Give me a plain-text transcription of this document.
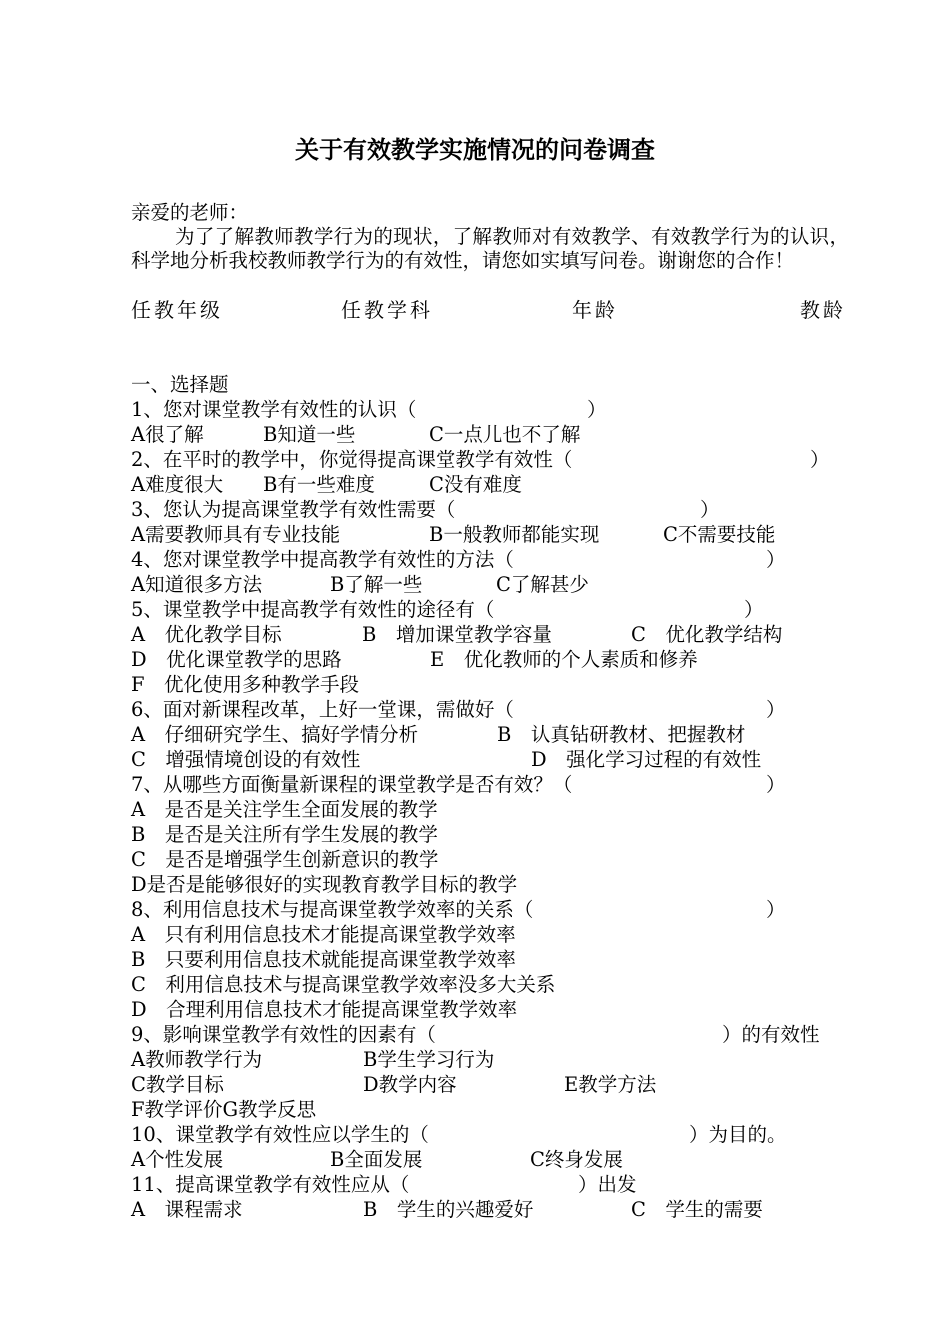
关于有效教学实施情况的问卷调查
亲爱的老师：
为了了解教师教学行为的现状，了解教师对有效教学、有效教学行为的认识，科学地分析我校教师教学行为的有效性，请您如实填写问卷。谢谢您的合作！
任教年级	任教学科	年龄	教龄
一、选择题
1、您对课堂教学有效性的认识（	）
A很了解	B知道一些	C一点儿也不了解
2、在平时的教学中，你觉得提高课堂教学有效性（	）
A难度很大 B有一些难度	C没有难度
3、您认为提高课堂教学有效性需要（	）
A需要教师具有专业技能	B一般教师都能实现	C不需要技能
4、您对课堂教学中提高教学有效性的方法（	）
A知道很多方法	B了解一些	C了解甚少
5、课堂教学中提高教学有效性的途径有（	）
A　优化教学目标	B　增加课堂教学容量	C　优化教学结构
D　优化课堂教学的思路	E　优化教师的个人素质和修养
F　优化使用多种教学手段
6、面对新课程改革，上好一堂课，需做好（	）
A　仔细研究学生、搞好学情分析	B　认真钻研教材、把握教材
C　增强情境创设的有效性	D　强化学习过程的有效性
7、从哪些方面衡量新课程的课堂教学是否有效？（	）
A　是否是关注学生全面发展的教学
B　是否是关注所有学生发展的教学
C　是否是增强学生创新意识的教学
D是否是能够很好的实现教育教学目标的教学
8、利用信息技术与提高课堂教学效率的关系（	）
A　只有利用信息技术才能提高课堂教学效率
B　只要利用信息技术就能提高课堂教学效率
C　利用信息技术与提高课堂教学效率没多大关系
D　合理利用信息技术才能提高课堂教学效率
9、影响课堂教学有效性的因素有（	）的有效性
A教师教学行为	B学生学习行为
C教学目标	D教学内容	E教学方法
F教学评价G教学反思
10、课堂教学有效性应以学生的（	）为目的。
A个性发展	B全面发展	C终身发展
11、提高课堂教学有效性应从（	）出发
A　课程需求	B　学生的兴趣爱好	C　学生的需要
